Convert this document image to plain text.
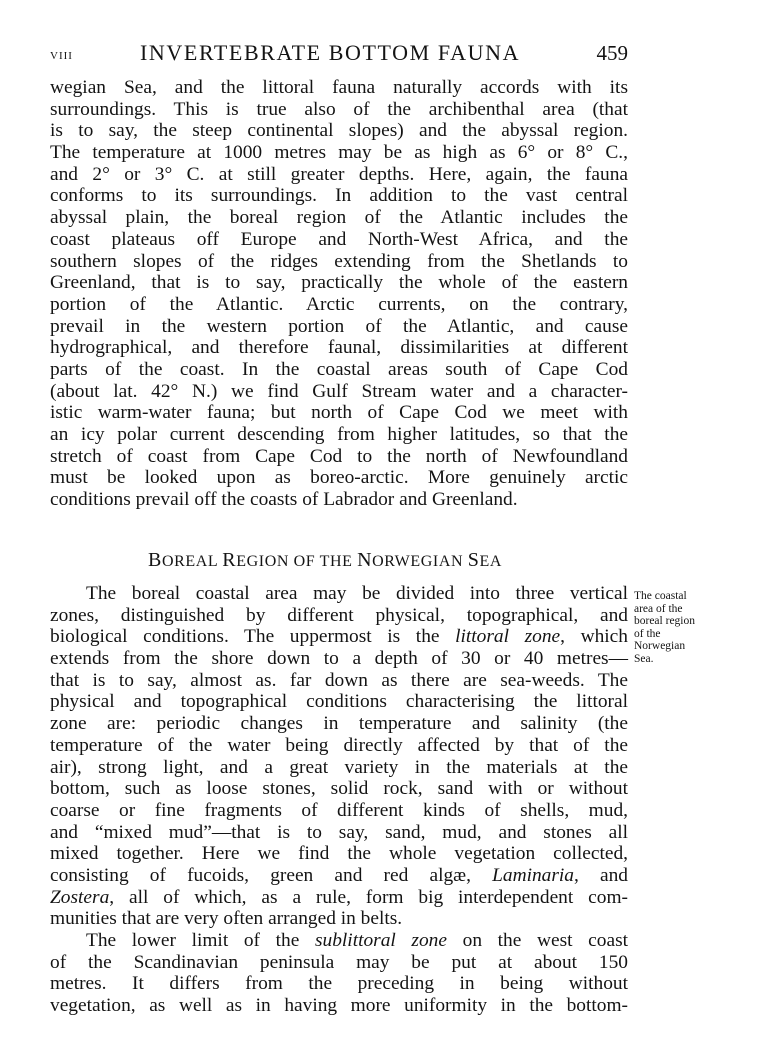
VIII	INVERTEBRATE BOTTOM FAUNA	459
wegian Sea, and the littoral fauna naturally accords with its
surroundings. This is true also of the archibenthal area (that
is to say, the steep continental slopes) and the abyssal region.
The temperature at 1000 metres may be as high as 6° or 8° C.,
and 2° or 3° C. at still greater depths. Here, again, the fauna
conforms to its surroundings. In addition to the vast central
abyssal plain, the boreal region of the Atlantic includes the
coast plateaus off Europe and North-West Africa, and the
southern slopes of the ridges extending from the Shetlands to
Greenland, that is to say, practically the whole of the eastern
portion of the Atlantic. Arctic currents, on the contrary,
prevail in the western portion of the Atlantic, and cause
hydrographical, and therefore faunal, dissimilarities at different
parts of the coast. In the coastal areas south of Cape Cod
(about lat. 42° N.) we find Gulf Stream water and a character-
istic warm-water fauna; but north of Cape Cod we meet with
an icy polar current descending from higher latitudes, so that the
stretch of coast from Cape Cod to the north of Newfoundland
must be looked upon as boreo-arctic. More genuinely arctic
conditions prevail off the coasts of Labrador and Greenland.
BOREAL REGION OF THE NORWEGIAN SEA
The boreal coastal area may be divided into three vertical
zones, distinguished by different physical, topographical, and
biological conditions. The uppermost is the littoral zone, which
extends from the shore down to a depth of 30 or 40 metres—
that is to say, almost as. far down as there are sea-weeds. The
physical and topographical conditions characterising the littoral
zone are: periodic changes in temperature and salinity (the
temperature of the water being directly affected by that of the
air), strong light, and a great variety in the materials at the
bottom, such as loose stones, solid rock, sand with or without
coarse or fine fragments of different kinds of shells, mud,
and “mixed mud”—that is to say, sand, mud, and stones all
mixed together. Here we find the whole vegetation collected,
consisting of fucoids, green and red algæ, Laminaria, and
Zostera, all of which, as a rule, form big interdependent com-
munities that are very often arranged in belts.
The lower limit of the sublittoral zone on the west coast
of the Scandinavian peninsula may be put at about 150
metres. It differs from the preceding in being without
vegetation, as well as in having more uniformity in the bottom-
The coastal
area of the
boreal region
of the
Norwegian
Sea.
